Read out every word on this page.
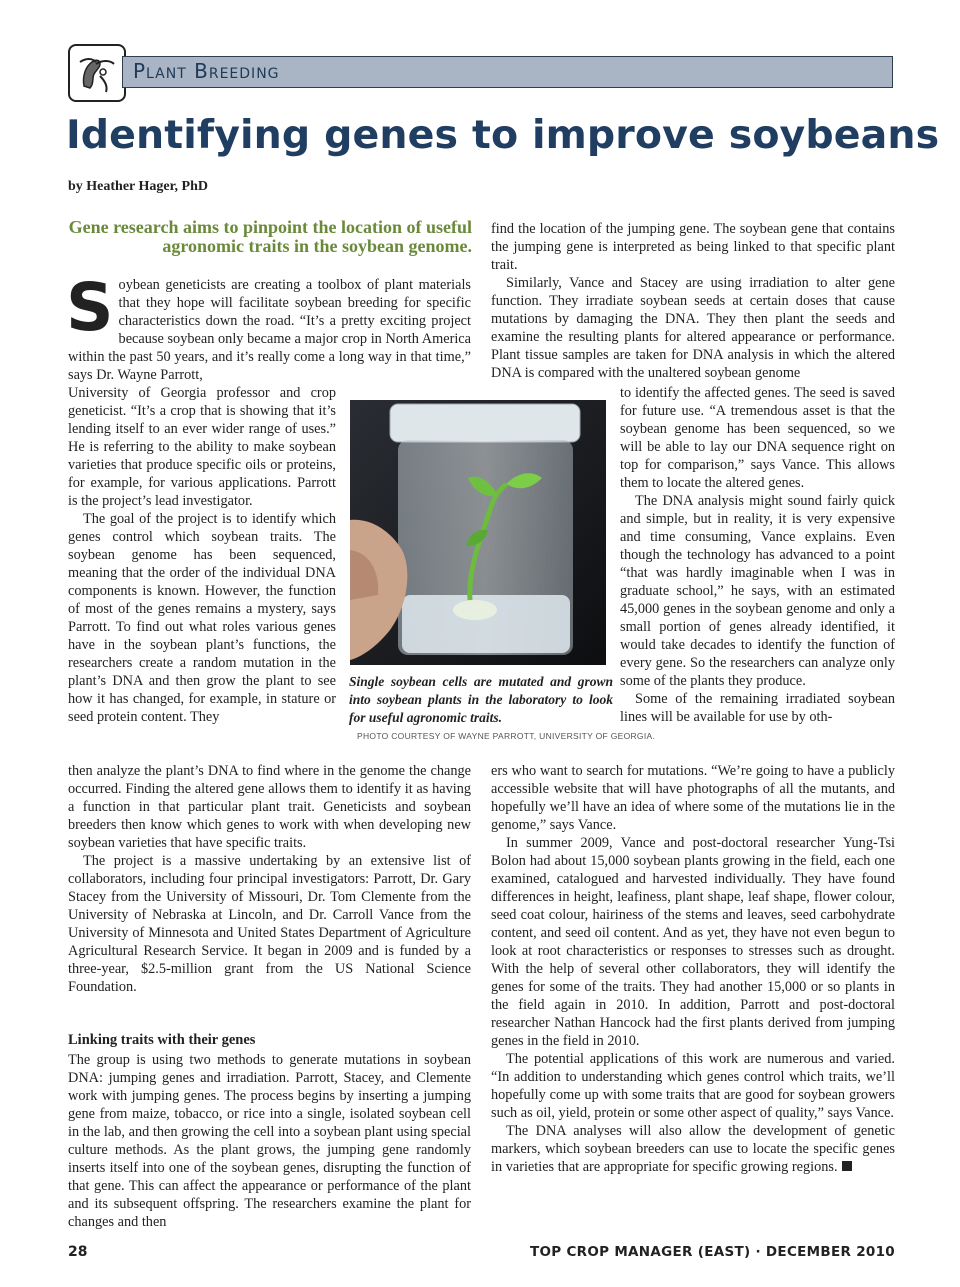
Plant Breeding
Identifying genes to improve soybeans
by Heather Hager, PhD
Gene research aims to pinpoint the location of useful agronomic traits in the soybean genome.

S oybean geneticists are creating a toolbox of plant materials that they hope will facilitate soybean breeding for specific characteristics down the road. “It’s a pretty exciting project because soybean only became a major crop in North America within the past 50 years, and it’s really come a long way in that time,” says Dr. Wayne Parrott,

University of Georgia professor and crop geneticist. “It’s a crop that is showing that it’s lending itself to an ever wider range of uses.” He is referring to the ability to make soybean varieties that produce specific oils or proteins, for example, for various applications. Parrott is the project’s lead investigator.

The goal of the project is to identify which genes control which soybean traits. The soybean genome has been sequenced, meaning that the order of the individual DNA components is known. However, the function of most of the genes remains a mystery, says Parrott. To find out what roles various genes have in the soybean plant’s functions, the researchers create a random mutation in the plant’s DNA and then grow the plant to see how it has changed, for example, in stature or seed protein content. They

then analyze the plant’s DNA to find where in the genome the change occurred. Finding the altered gene allows them to identify it as having a function in that particular plant trait. Geneticists and soybean breeders then know which genes to work with when developing new soybean varieties that have specific traits.

The project is a massive undertaking by an extensive list of collaborators, including four principal investigators: Parrott, Dr. Gary Stacey from the University of Missouri, Dr. Tom Clemente from the University of Nebraska at Lincoln, and Dr. Carroll Vance from the University of Minnesota and United States Department of Agriculture Agricultural Research Service. It began in 2009 and is funded by a three-year, $2.5-million grant from the US National Science Foundation.

Linking traits with their genes

The group is using two methods to generate mutations in soybean DNA: jumping genes and irradiation. Parrott, Stacey, and Clemente work with jumping genes. The process begins by inserting a jumping gene from maize, tobacco, or rice into a single, isolated soybean cell in the lab, and then growing the cell into a soybean plant using special culture methods. As the plant grows, the jumping gene randomly inserts itself into one of the soybean genes, disrupting the function of that gene. This can affect the appearance or performance of the plant and its subsequent offspring. The researchers examine the plant for changes and then

Single soybean cells are mutated and grown into soybean plants in the laboratory to look for useful agronomic traits.
PHOTO COURTESY OF WAYNE PARROTT, UNIVERSITY OF GEORGIA.

find the location of the jumping gene. The soybean gene that contains the jumping gene is interpreted as being linked to that specific plant trait.

Similarly, Vance and Stacey are using irradiation to alter gene function. They irradiate soybean seeds at certain doses that cause mutations by damaging the DNA. They then plant the seeds and examine the resulting plants for altered appearance or performance. Plant tissue samples are taken for DNA analysis in which the altered DNA is compared with the unaltered soybean genome

to identify the affected genes. The seed is saved for future use. “A tremendous asset is that the soybean genome has been sequenced, so we will be able to lay our DNA sequence right on top for comparison,” says Vance. This allows them to locate the altered genes.

The DNA analysis might sound fairly quick and simple, but in reality, it is very expensive and time consuming, Vance explains. Even though the technology has advanced to a point “that was hardly imaginable when I was in graduate school,” he says, with an estimated 45,000 genes in the soybean genome and only a small portion of genes already identified, it would take decades to identify the function of every gene. So the researchers can analyze only some of the plants they produce.

Some of the remaining irradiated soybean lines will be available for use by oth-

ers who want to search for mutations. “We’re going to have a publicly accessible website that will have photographs of all the mutants, and hopefully we’ll have an idea of where some of the mutations lie in the genome,” says Vance.

In summer 2009, Vance and post-doctoral researcher Yung-Tsi Bolon had about 15,000 soybean plants growing in the field, each one examined, catalogued and harvested individually. They have found differences in height, leafiness, plant shape, leaf shape, flower colour, seed coat colour, hairiness of the stems and leaves, seed carbohydrate content, and seed oil content. And as yet, they have not even begun to look at root characteristics or responses to stresses such as drought. With the help of several other collaborators, they will identify the genes for some of the traits. They had another 15,000 or so plants in the field again in 2010. In addition, Parrott and post-doctoral researcher Nathan Hancock had the first plants derived from jumping genes in the field in 2010.

The potential applications of this work are numerous and varied. “In addition to understanding which genes control which traits, we’ll hopefully come up with some traits that are good for soybean growers such as oil, yield, protein or some other aspect of quality,” says Vance.

The DNA analyses will also allow the development of genetic markers, which soybean breeders can use to locate the specific genes in varieties that are appropriate for specific growing regions.

28	TOP CROP MANAGER (EAST) · DECEMBER 2010
